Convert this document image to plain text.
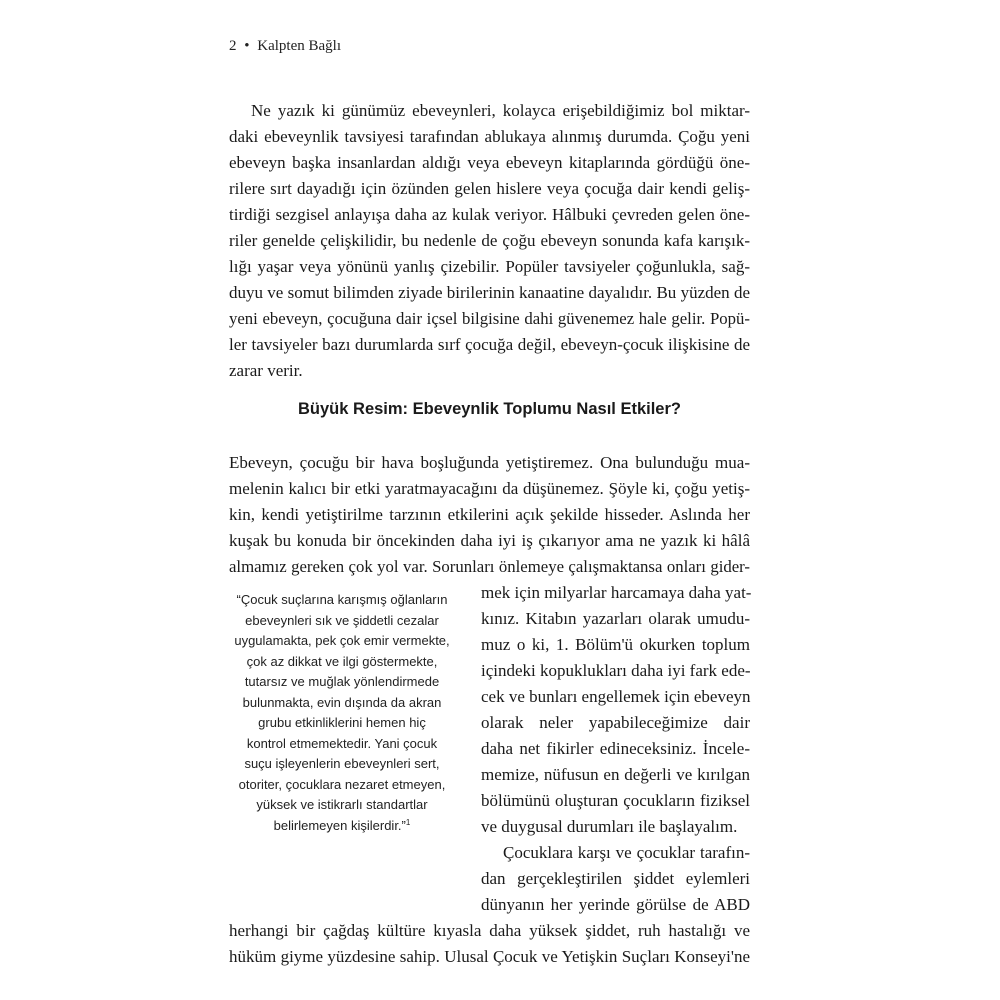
2 • Kalpten Bağlı
Ne yazık ki günümüz ebeveynleri, kolayca erişebildiğimiz bol miktar-
daki ebeveynlik tavsiyesi tarafından ablukaya alınmış durumda. Çoğu yeni
ebeveyn başka insanlardan aldığı veya ebeveyn kitaplarında gördüğü öne-
rilere sırt dayadığı için özünden gelen hislere veya çocuğa dair kendi geliş-
tirdiği sezgisel anlayışa daha az kulak veriyor. Hâlbuki çevreden gelen öne-
riler genelde çelişkilidir, bu nedenle de çoğu ebeveyn sonunda kafa karışık-
lığı yaşar veya yönünü yanlış çizebilir. Popüler tavsiyeler çoğunlukla, sağ-
duyu ve somut bilimden ziyade birilerinin kanaatine dayalıdır. Bu yüzden de
yeni ebeveyn, çocuğuna dair içsel bilgisine dahi güvenemez hale gelir. Popü-
ler tavsiyeler bazı durumlarda sırf çocuğa değil, ebeveyn-çocuk ilişkisine de
zarar verir.
Büyük Resim: Ebeveynlik Toplumu Nasıl Etkiler?
Ebeveyn, çocuğu bir hava boşluğunda yetiştiremez. Ona bulunduğu mua-
melenin kalıcı bir etki yaratmayacağını da düşünemez. Şöyle ki, çoğu yetiş-
kin, kendi yetiştirilme tarzının etkilerini açık şekilde hisseder. Aslında her
kuşak bu konuda bir öncekinden daha iyi iş çıkarıyor ama ne yazık ki hâlâ
almamız gereken çok yol var. Sorunları önlemeye çalışmaktansa onları gider-
mek için milyarlar harcamaya daha yat-
kınız. Kitabın yazarları olarak umudu-
muz o ki, 1. Bölüm'ü okurken toplum
içindeki kopuklukları daha iyi fark ede-
cek ve bunları engellemek için ebeveyn
olarak neler yapabileceğimize dair
daha net fikirler edineceksiniz. İncele-
memize, nüfusun en değerli ve kırılgan
bölümünü oluşturan çocukların fiziksel
ve duygusal durumları ile başlayalım.
Çocuklara karşı ve çocuklar tarafın-
dan gerçekleştirilen şiddet eylemleri
dünyanın her yerinde görülse de ABD
herhangi bir çağdaş kültüre kıyasla daha yüksek şiddet, ruh hastalığı ve
hüküm giyme yüzdesine sahip. Ulusal Çocuk ve Yetişkin Suçları Konseyi'ne
“Çocuk suçlarına karışmış oğlanların
ebeveynleri sık ve şiddetli cezalar
uygulamakta, pek çok emir vermekte,
çok az dikkat ve ilgi göstermekte,
tutarsız ve muğlak yönlendirmede
bulunmakta, evin dışında da akran
grubu etkinliklerini hemen hiç
kontrol etmemektedir. Yani çocuk
suçu işleyenlerin ebeveynleri sert,
otoriter, çocuklara nezaret etmeyen,
yüksek ve istikrarlı standartlar
belirlemeyen kişilerdir.”$^1$
